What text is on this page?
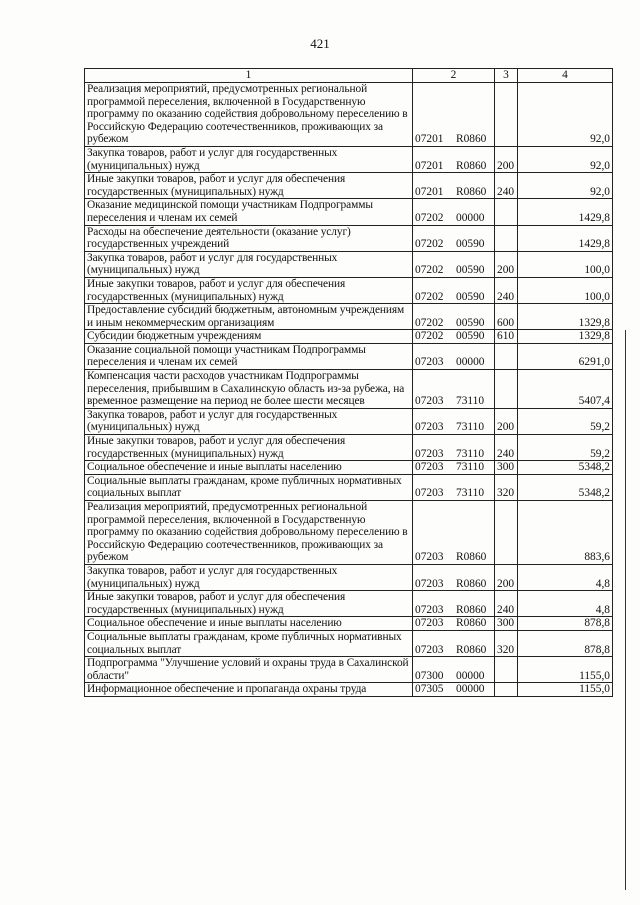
421
1	2	3	4
Реализация мероприятий, предусмотренных региональной программой переселения, включенной в Государственную программу по оказанию содействия добровольному переселению в Российскую Федерацию соотечественников, проживающих за рубежом	07201 R0860		92,0
Закупка товаров, работ и услуг для государственных (муниципальных) нужд	07201 R0860	200	92,0
Иные закупки товаров, работ и услуг для обеспечения государственных (муниципальных) нужд	07201 R0860	240	92,0
Оказание медицинской помощи участникам Подпрограммы переселения и членам их семей	07202 00000		1429,8
Расходы на обеспечение деятельности (оказание услуг) государственных учреждений	07202 00590		1429,8
Закупка товаров, работ и услуг для государственных (муниципальных) нужд	07202 00590	200	100,0
Иные закупки товаров, работ и услуг для обеспечения государственных (муниципальных) нужд	07202 00590	240	100,0
Предоставление субсидий бюджетным, автономным учреждениям и иным некоммерческим организациям	07202 00590	600	1329,8
Субсидии бюджетным учреждениям	07202 00590	610	1329,8
Оказание социальной помощи участникам Подпрограммы переселения и членам их семей	07203 00000		6291,0
Компенсация части расходов участникам Подпрограммы переселения, прибывшим в Сахалинскую область из-за рубежа, на временное размещение на период не более шести месяцев	07203 73110		5407,4
Закупка товаров, работ и услуг для государственных (муниципальных) нужд	07203 73110	200	59,2
Иные закупки товаров, работ и услуг для обеспечения государственных (муниципальных) нужд	07203 73110	240	59,2
Социальное обеспечение и иные выплаты населению	07203 73110	300	5348,2
Социальные выплаты гражданам, кроме публичных нормативных социальных выплат	07203 73110	320	5348,2
Реализация мероприятий, предусмотренных региональной программой переселения, включенной в Государственную программу по оказанию содействия добровольному переселению в Российскую Федерацию соотечественников, проживающих за рубежом	07203 R0860		883,6
Закупка товаров, работ и услуг для государственных (муниципальных) нужд	07203 R0860	200	4,8
Иные закупки товаров, работ и услуг для обеспечения государственных (муниципальных) нужд	07203 R0860	240	4,8
Социальное обеспечение и иные выплаты населению	07203 R0860	300	878,8
Социальные выплаты гражданам, кроме публичных нормативных социальных выплат	07203 R0860	320	878,8
Подпрограмма "Улучшение условий и охраны труда в Сахалинской области"	07300 00000		1155,0
Информационное обеспечение и пропаганда охраны труда	07305 00000		1155,0
